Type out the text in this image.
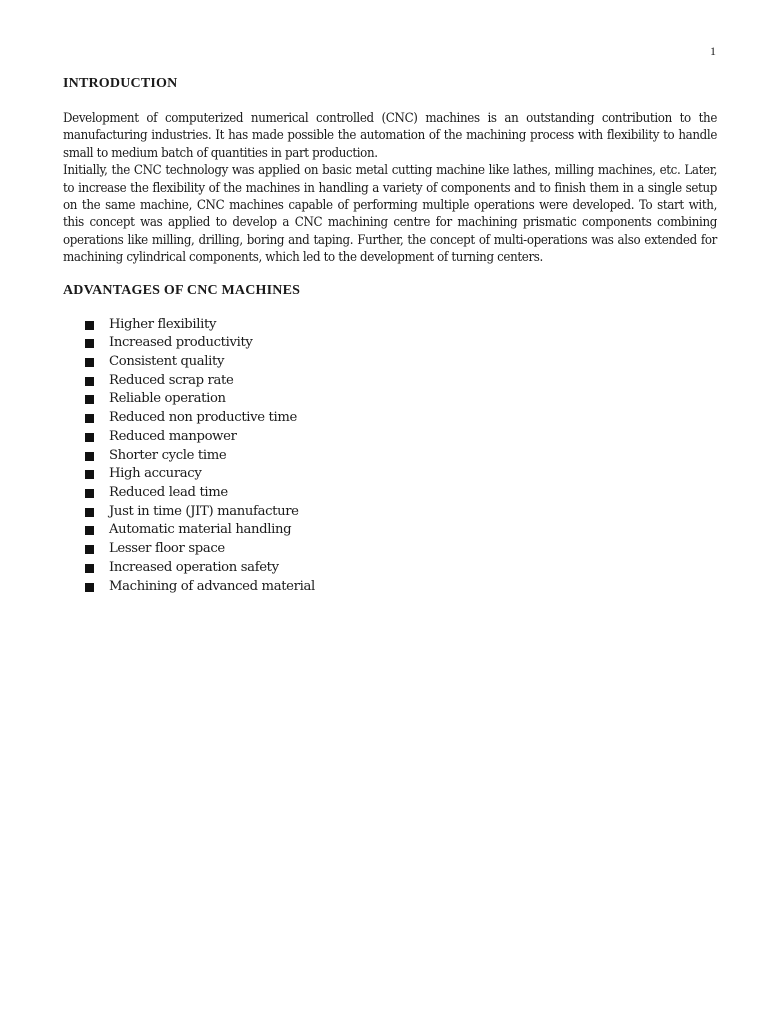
1
INTRODUCTION

Development of computerized numerical controlled (CNC) machines is an outstanding contribution to the manufacturing industries. It has made possible the automation of the machining process with flexibility to handle small to medium batch of quantities in part production.

Initially, the CNC technology was applied on basic metal cutting machine like lathes, milling machines, etc. Later, to increase the flexibility of the machines in handling a variety of components and to finish them in a single setup on the same machine, CNC machines capable of performing multiple operations were developed. To start with, this concept was applied to develop a CNC machining centre for machining prismatic components combining operations like milling, drilling, boring and taping. Further, the concept of multi-operations was also extended for machining cylindrical components, which led to the development of turning centers.

ADVANTAGES OF CNC MACHINES
Higher flexibility
Increased productivity
Consistent quality
Reduced scrap rate
Reliable operation
Reduced non productive time
Reduced manpower
Shorter cycle time
High accuracy
Reduced lead time
Just in time (JIT) manufacture
Automatic material handling
Lesser floor space
Increased operation safety
Machining of advanced material
